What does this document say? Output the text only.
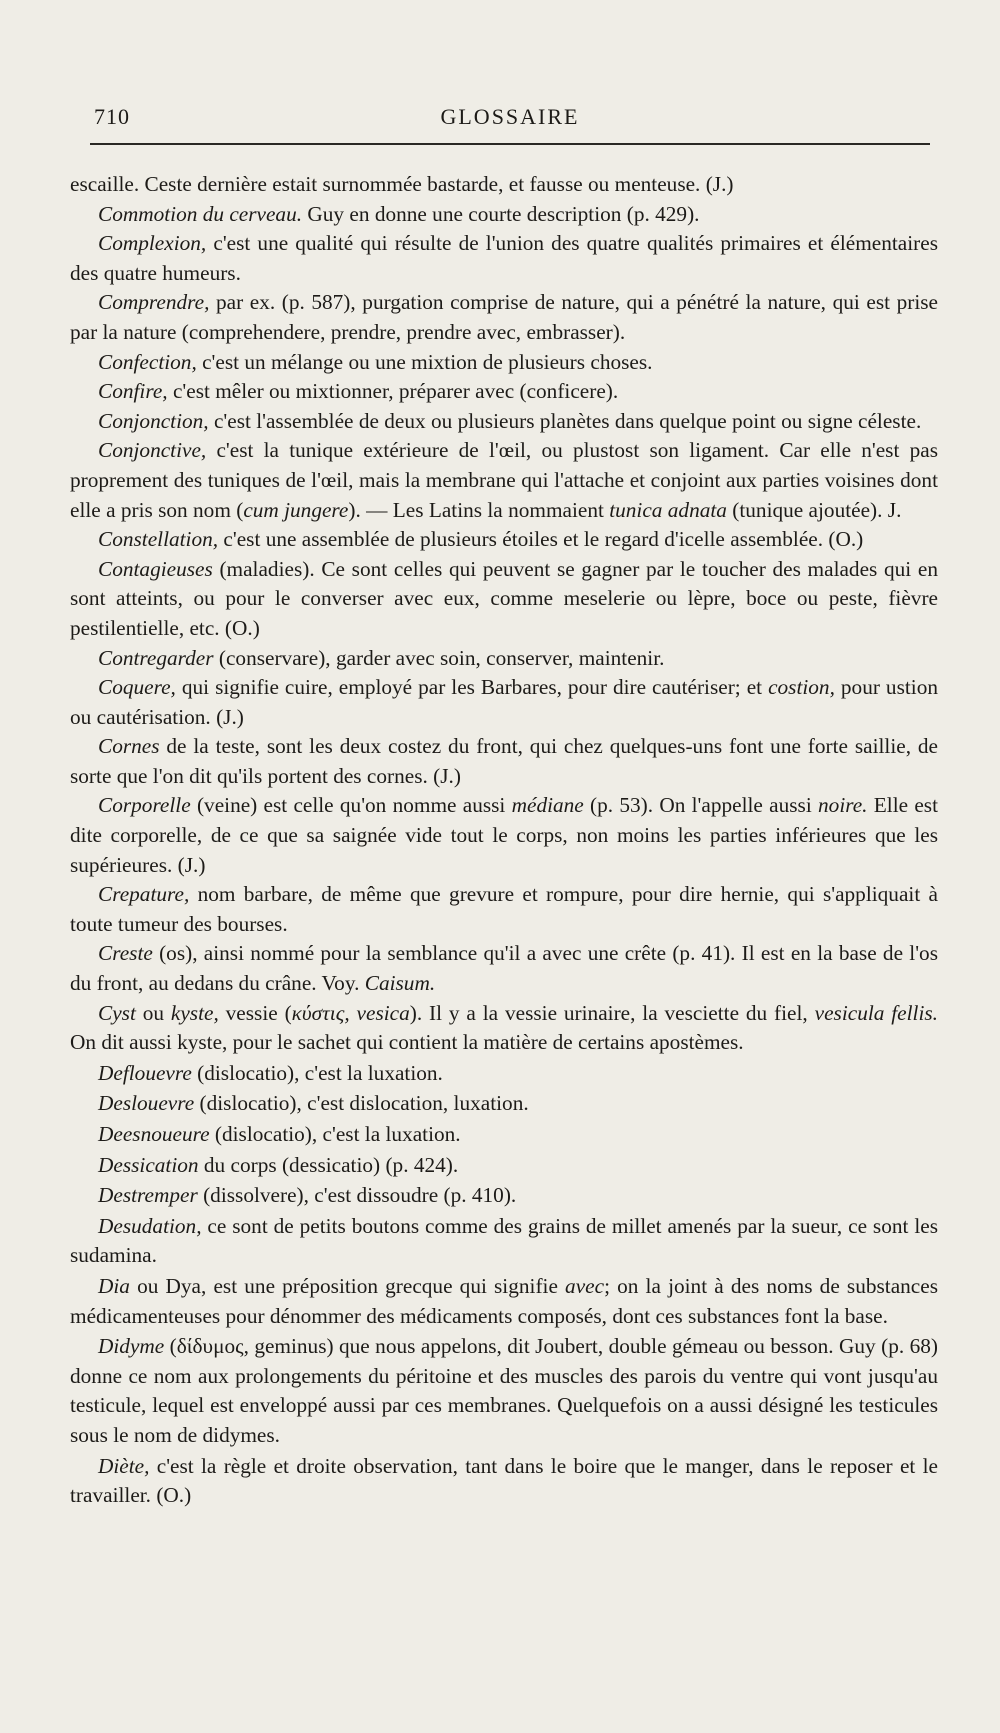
710	GLOSSAIRE

escaille. Ceste dernière estait surnommée bastarde, et fausse ou menteuse. (J.)

Commotion du cerveau. Guy en donne une courte description (p. 429).

Complexion, c'est une qualité qui résulte de l'union des quatre qualités primaires et élémentaires des quatre humeurs.

Comprendre, par ex. (p. 587), purgation comprise de nature, qui a pénétré la nature, qui est prise par la nature (comprehendere, prendre, prendre avec, embrasser).

Confection, c'est un mélange ou une mixtion de plusieurs choses.

Confire, c'est mêler ou mixtionner, préparer avec (conficere).

Conjonction, c'est l'assemblée de deux ou plusieurs planètes dans quelque point ou signe céleste.

Conjonctive, c'est la tunique extérieure de l'œil, ou plustost son ligament. Car elle n'est pas proprement des tuniques de l'œil, mais la membrane qui l'attache et conjoint aux parties voisines dont elle a pris son nom (cum jungere). — Les Latins la nommaient tunica adnata (tunique ajoutée). J.

Constellation, c'est une assemblée de plusieurs étoiles et le regard d'icelle assemblée. (O.)

Contagieuses (maladies). Ce sont celles qui peuvent se gagner par le toucher des malades qui en sont atteints, ou pour le converser avec eux, comme meselerie ou lèpre, boce ou peste, fièvre pestilentielle, etc. (O.)

Contregarder (conservare), garder avec soin, conserver, maintenir.

Coquere, qui signifie cuire, employé par les Barbares, pour dire cautériser; et costion, pour ustion ou cautérisation. (J.)

Cornes de la teste, sont les deux costez du front, qui chez quelques-uns font une forte saillie, de sorte que l'on dit qu'ils portent des cornes. (J.)

Corporelle (veine) est celle qu'on nomme aussi médiane (p. 53). On l'appelle aussi noire. Elle est dite corporelle, de ce que sa saignée vide tout le corps, non moins les parties inférieures que les supérieures. (J.)

Crepature, nom barbare, de même que grevure et rompure, pour dire hernie, qui s'appliquait à toute tumeur des bourses.

Creste (os), ainsi nommé pour la semblance qu'il a avec une crête (p. 41). Il est en la base de l'os du front, au dedans du crâne. Voy. Caisum.

Cyst ou kyste, vessie (κύστις, vesica). Il y a la vessie urinaire, la vesciette du fiel, vesicula fellis. On dit aussi kyste, pour le sachet qui contient la matière de certains apostèmes.

Deflouevre (dislocatio), c'est la luxation.

Deslouevre (dislocatio), c'est dislocation, luxation.

Deesnoueure (dislocatio), c'est la luxation.

Dessication du corps (dessicatio) (p. 424).

Destremper (dissolvere), c'est dissoudre (p. 410).

Desudation, ce sont de petits boutons comme des grains de millet amenés par la sueur, ce sont les sudamina.

Dia ou Dya, est une préposition grecque qui signifie avec; on la joint à des noms de substances médicamenteuses pour dénommer des médicaments composés, dont ces substances font la base.

Didyme (δίδυμος, geminus) que nous appelons, dit Joubert, double gémeau ou besson. Guy (p. 68) donne ce nom aux prolongements du péritoine et des muscles des parois du ventre qui vont jusqu'au testicule, lequel est enveloppé aussi par ces membranes. Quelquefois on a aussi désigné les testicules sous le nom de didymes.

Diète, c'est la règle et droite observation, tant dans le boire que le manger, dans le reposer et le travailler. (O.)
